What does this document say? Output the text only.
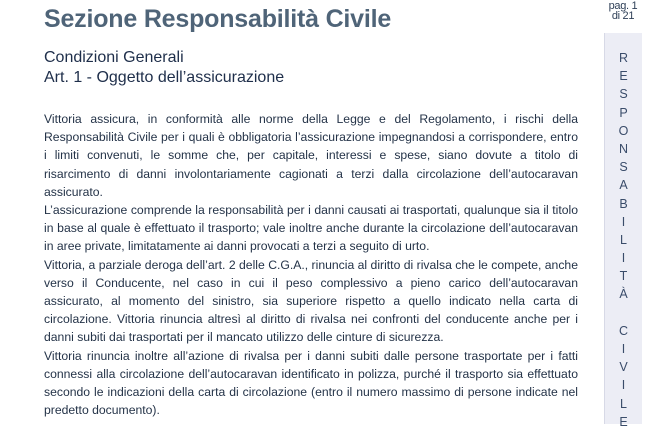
Sezione Responsabilità Civile
Condizioni Generali
Art. 1 - Oggetto dell’assicurazione

Vittoria assicura, in conformità alle norme della Legge e del Regolamento, i rischi della Responsabilità Civile per i quali è obbligatoria l’assicurazione impegnandosi a corrispondere, entro i limiti convenuti, le somme che, per capitale, interessi e spese, siano dovute a titolo di risarcimento di danni involontariamente cagionati a terzi dalla circolazione dell’autocaravan assicurato.

L’assicurazione comprende la responsabilità per i danni causati ai trasportati, qualunque sia il titolo in base al quale è effettuato il trasporto; vale inoltre anche durante la circolazione dell’autocaravan in aree private, limitatamente ai danni provocati a terzi a seguito di urto.

Vittoria, a parziale deroga dell’art. 2 delle C.G.A., rinuncia al diritto di rivalsa che le compete, anche verso il Conducente, nel caso in cui il peso complessivo a pieno carico dell’autocaravan assicurato, al momento del sinistro, sia superiore rispetto a quello indicato nella carta di circolazione. Vittoria rinuncia altresì al diritto di rivalsa nei confronti del conducente anche per i danni subiti dai trasportati per il mancato utilizzo delle cinture di sicurezza.

Vittoria rinuncia inoltre all’azione di rivalsa per i danni subiti dalle persone trasportate per i fatti connessi alla circolazione dell’autocaravan identificato in polizza, purché il trasporto sia effettuato secondo le indicazioni della carta di circolazione (entro il numero massimo di persone indicate nel predetto documento).

pag. 1
di 21
R
E
S
P
O
N
S
A
B
I
L
I
T
À

C
I
V
I
L
E
